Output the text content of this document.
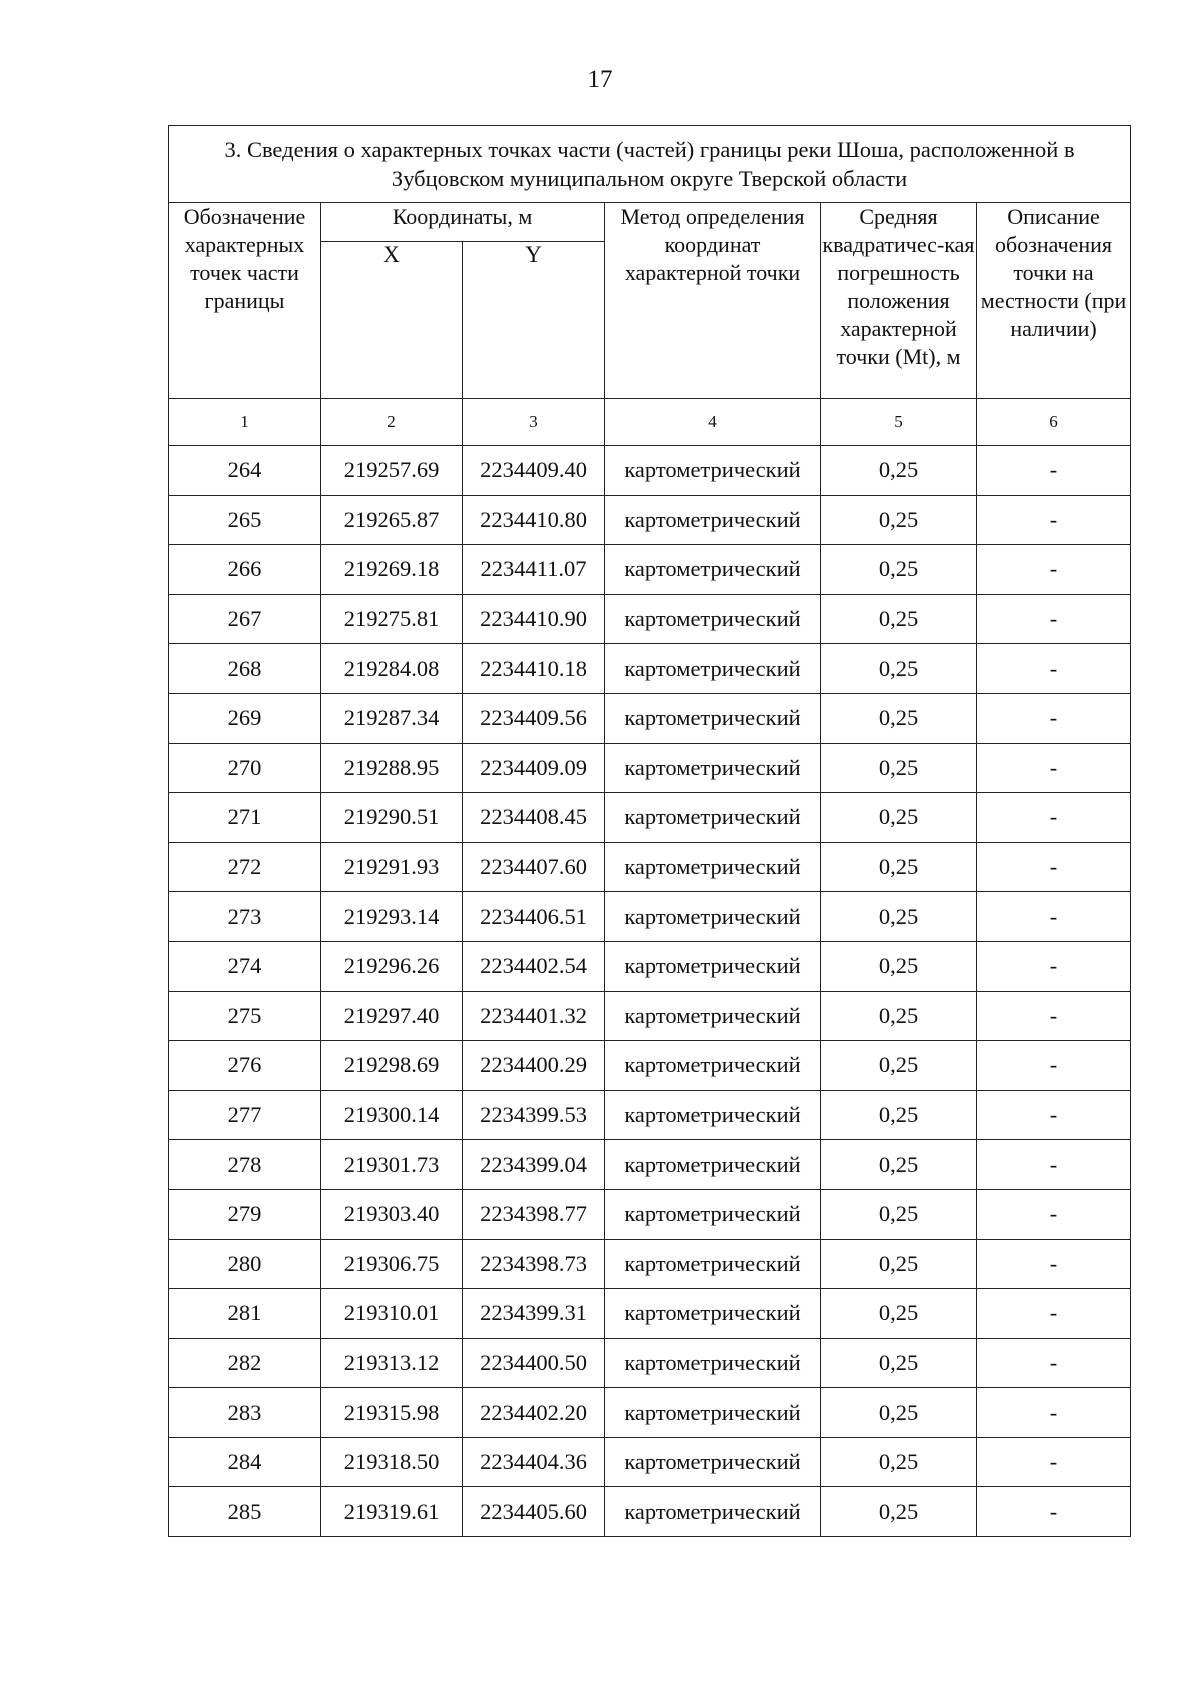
17
3. Сведения о характерных точках части (частей) границы реки Шоша, расположенной в Зубцовском муниципальном округе Тверской области					
Обозначение характерных точек части границы	Координаты, м		Метод определения координат характерной точки	Средняя квадратичес-кая погрешность положения характерной точки (Mt), м	Описание обозначения точки на местности (при наличии)
	X	Y			
1	2	3	4	5	6
264	219257.69	2234409.40	картометрический	0,25	-
265	219265.87	2234410.80	картометрический	0,25	-
266	219269.18	2234411.07	картометрический	0,25	-
267	219275.81	2234410.90	картометрический	0,25	-
268	219284.08	2234410.18	картометрический	0,25	-
269	219287.34	2234409.56	картометрический	0,25	-
270	219288.95	2234409.09	картометрический	0,25	-
271	219290.51	2234408.45	картометрический	0,25	-
272	219291.93	2234407.60	картометрический	0,25	-
273	219293.14	2234406.51	картометрический	0,25	-
274	219296.26	2234402.54	картометрический	0,25	-
275	219297.40	2234401.32	картометрический	0,25	-
276	219298.69	2234400.29	картометрический	0,25	-
277	219300.14	2234399.53	картометрический	0,25	-
278	219301.73	2234399.04	картометрический	0,25	-
279	219303.40	2234398.77	картометрический	0,25	-
280	219306.75	2234398.73	картометрический	0,25	-
281	219310.01	2234399.31	картометрический	0,25	-
282	219313.12	2234400.50	картометрический	0,25	-
283	219315.98	2234402.20	картометрический	0,25	-
284	219318.50	2234404.36	картометрический	0,25	-
285	219319.61	2234405.60	картометрический	0,25	-
